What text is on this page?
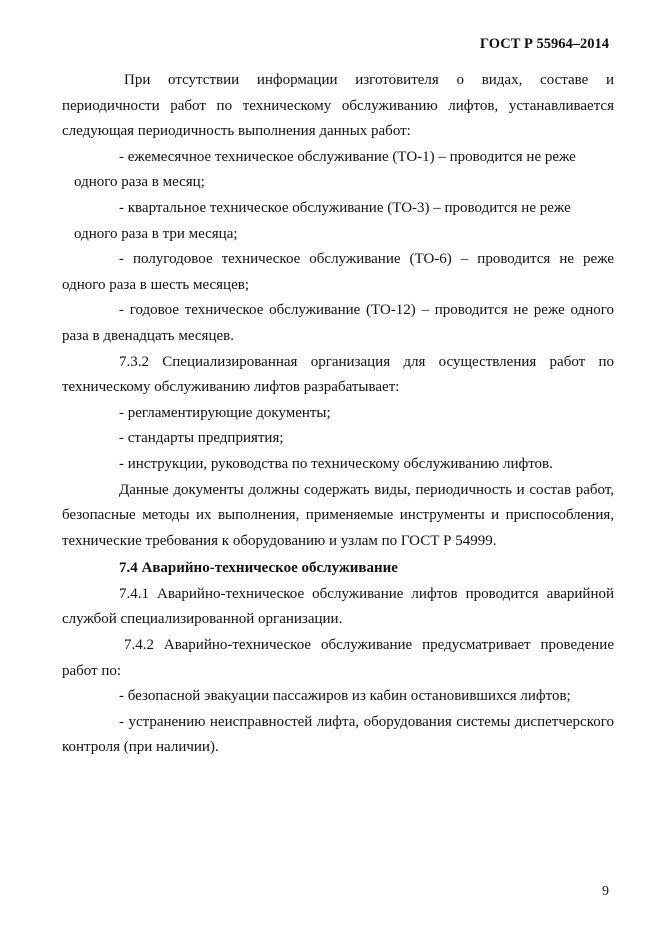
ГОСТ Р 55964–2014

При отсутствии информации изготовителя о видах, составе и периодичности работ по техническому обслуживанию лифтов, устанавливается следующая периодичность выполнения данных работ:

- ежемесячное техническое обслуживание (ТО-1) – проводится не реже

одного раза в месяц;

- квартальное техническое обслуживание (ТО-3) – проводится не реже

одного раза в три месяца;

- полугодовое техническое обслуживание (ТО-6) – проводится не реже одного раза в шесть месяцев;

- годовое техническое обслуживание (ТО-12) – проводится не реже одного раза в двенадцать месяцев.

7.3.2 Специализированная организация для осуществления работ по техническому обслуживанию лифтов разрабатывает:

- регламентирующие документы;

- стандарты предприятия;

- инструкции, руководства по техническому обслуживанию лифтов.

Данные документы должны содержать виды, периодичность и состав работ, безопасные методы их выполнения, применяемые инструменты и приспособления, технические требования к оборудованию и узлам по ГОСТ Р 54999.

7.4 Аварийно-техническое обслуживание

7.4.1 Аварийно-техническое обслуживание лифтов проводится аварийной службой специализированной организации.

7.4.2 Аварийно-техническое обслуживание предусматривает проведение работ по:

- безопасной эвакуации пассажиров из кабин остановившихся лифтов;

- устранению неисправностей лифта, оборудования системы диспетчерского контроля (при наличии).

9
